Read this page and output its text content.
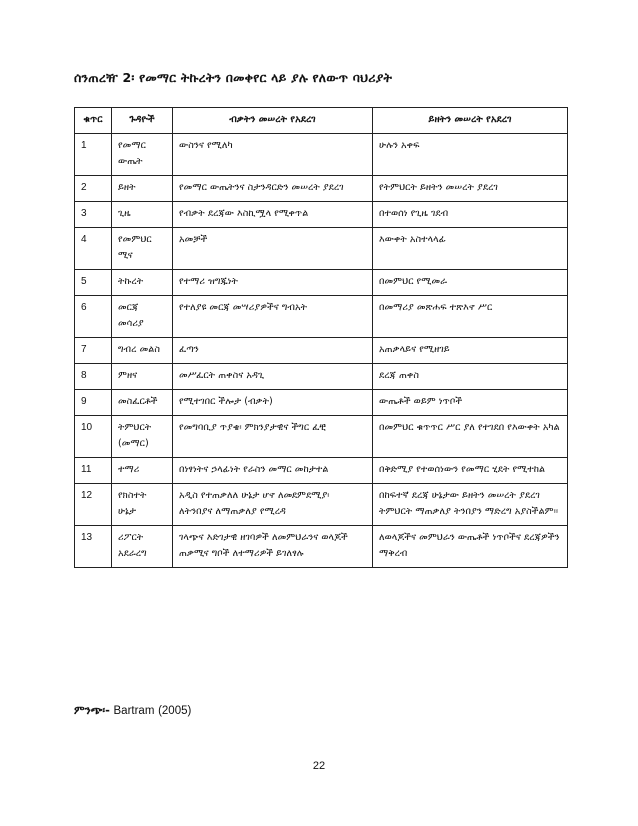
ሰንጠረዥ 2፡ የመማር ትኩረትን በመቀየር ላይ ያሉ የለውጥ ባህሪያት
ቁጥር	ጉዳዮች	ብቃትን መሠረት የአደረገ	ይዘትን መሠረት የአደረገ
1	የመማር ውጤት	ውስንና የሚለካ	ሁሉን አቀፍ
2	ይዘት	የመማር ውጤትንና ስታንዳርድን መሠረት ያደረገ	የትምህርት ይዘትን መሠረት ያደረገ
3	ጊዜ	የብቃት ደረጃው እስኪሟላ የሚቀጥል	በተወሰነ የጊዜ ገደብ
4	የመምህር ሚና	አመቻች	እውቀት አስተላላፊ
5	ትኩረት	የተማሪ ዝግጁነት	በመምህር የሚመራ
6	መርጃ መሳሪያ	የተለያዩ መርጃ መሣሪያዎችና ግብአት	በመማሪያ መጽሐፍ ተጽእኖ ሥር
7	ግብረ መልስ	ፈጣን	አጠቃላይና የሚዘገይ
8	ምዘና	መሥፈርት ጠቀስና አዳጊ	ደረጃ ጠቀስ
9	መስፈርቶች	የሚተገበር ችሎታ (ብቃት)	ውጤቶች ወይም ነጥቦች
10	ትምህርት (መማር)	የመግባቢያ ጥያቄ፡ ምክንያታዊና ችግር ፈቺ	በመምህር ቁጥጥር ሥር ያለ የተገደበ የእውቀት አካል
11	ተማሪ	በነፃነትና ኃላፊነት የራስን መማር መከታተል	በቅድሚያ የተወሰነውን የመማር ሂደት የሚተከል
12	የክስተት ሁኔታ	አዲስ የተጠቃለለ ሁኔታ ሆኖ ለመደምደሚያ፡ ለትንበያና ለማጠቃለያ የሚረዳ	በከፍተኛ ደረጃ ሁኔታው ይዘትን መሠረት ያደረገ ትምህርት ማጠቃለያ ትንበያን ማድረግ አያስችልም፡፡
13	ሪፖርት አደራረግ	ገላጭና እድገታዊ ዘገባዎች ለመምህራንና ወላጆች ጠቃሚና ግቦች ለተማሪዎች ይገለፃሉ	ለወላጆችና መምህራን ውጤቶች ነጥቦችና ደረጃዎችን ማቅረብ
ምንጭ፡- Bartram (2005)
22
